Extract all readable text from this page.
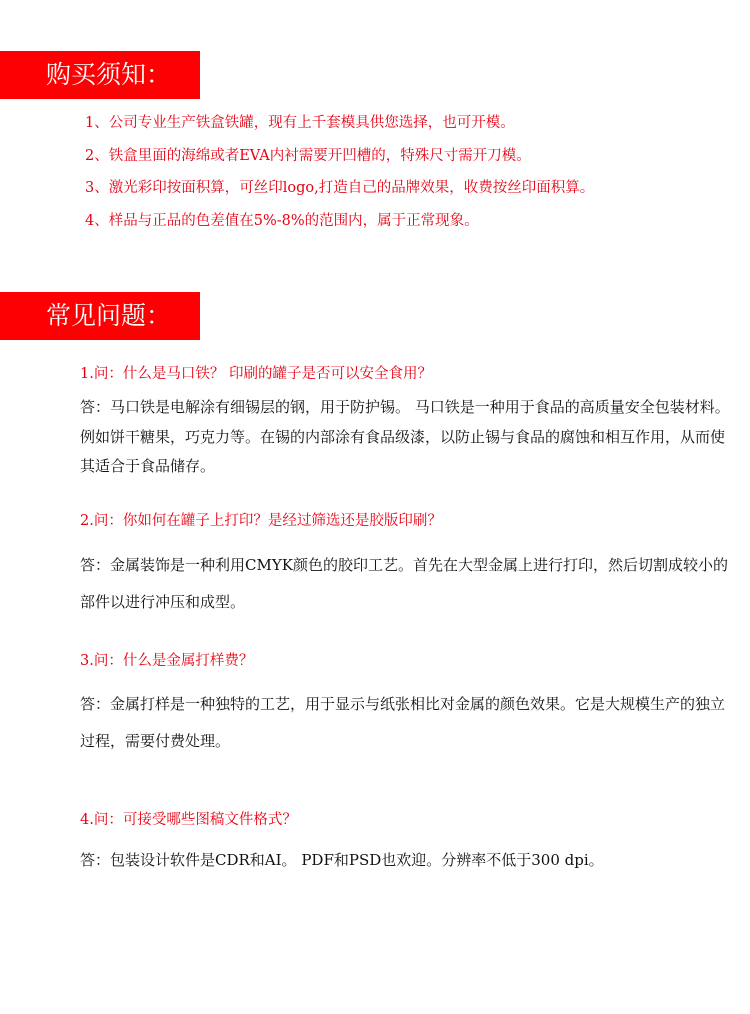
购买须知：
1、公司专业生产铁盒铁罐，现有上千套模具供您选择，也可开模。
2、铁盒里面的海绵或者EVA内衬需要开凹槽的，特殊尺寸需开刀模。
3、激光彩印按面积算，可丝印logo,打造自己的品牌效果，收费按丝印面积算。
4、样品与正品的色差值在5%-8%的范围内，属于正常现象。
常见问题：
1.问：什么是马口铁？ 印刷的罐子是否可以安全食用？
答：马口铁是电解涂有细锡层的钢，用于防护锡。 马口铁是一种用于食品的高质量安全包装材料。例如饼干糖果，巧克力等。在锡的内部涂有食品级漆，以防止锡与食品的腐蚀和相互作用，从而使其适合于食品储存。
2.问：你如何在罐子上打印？是经过筛选还是胶版印刷？
答：金属装饰是一种利用CMYK颜色的胶印工艺。首先在大型金属上进行打印，然后切割成较小的部件以进行冲压和成型。
3.问：什么是金属打样费？
答：金属打样是一种独特的工艺，用于显示与纸张相比对金属的颜色效果。它是大规模生产的独立过程，需要付费处理。
4.问：可接受哪些图稿文件格式？
答：包装设计软件是CDR和AI。 PDF和PSD也欢迎。分辨率不低于300 dpi。
